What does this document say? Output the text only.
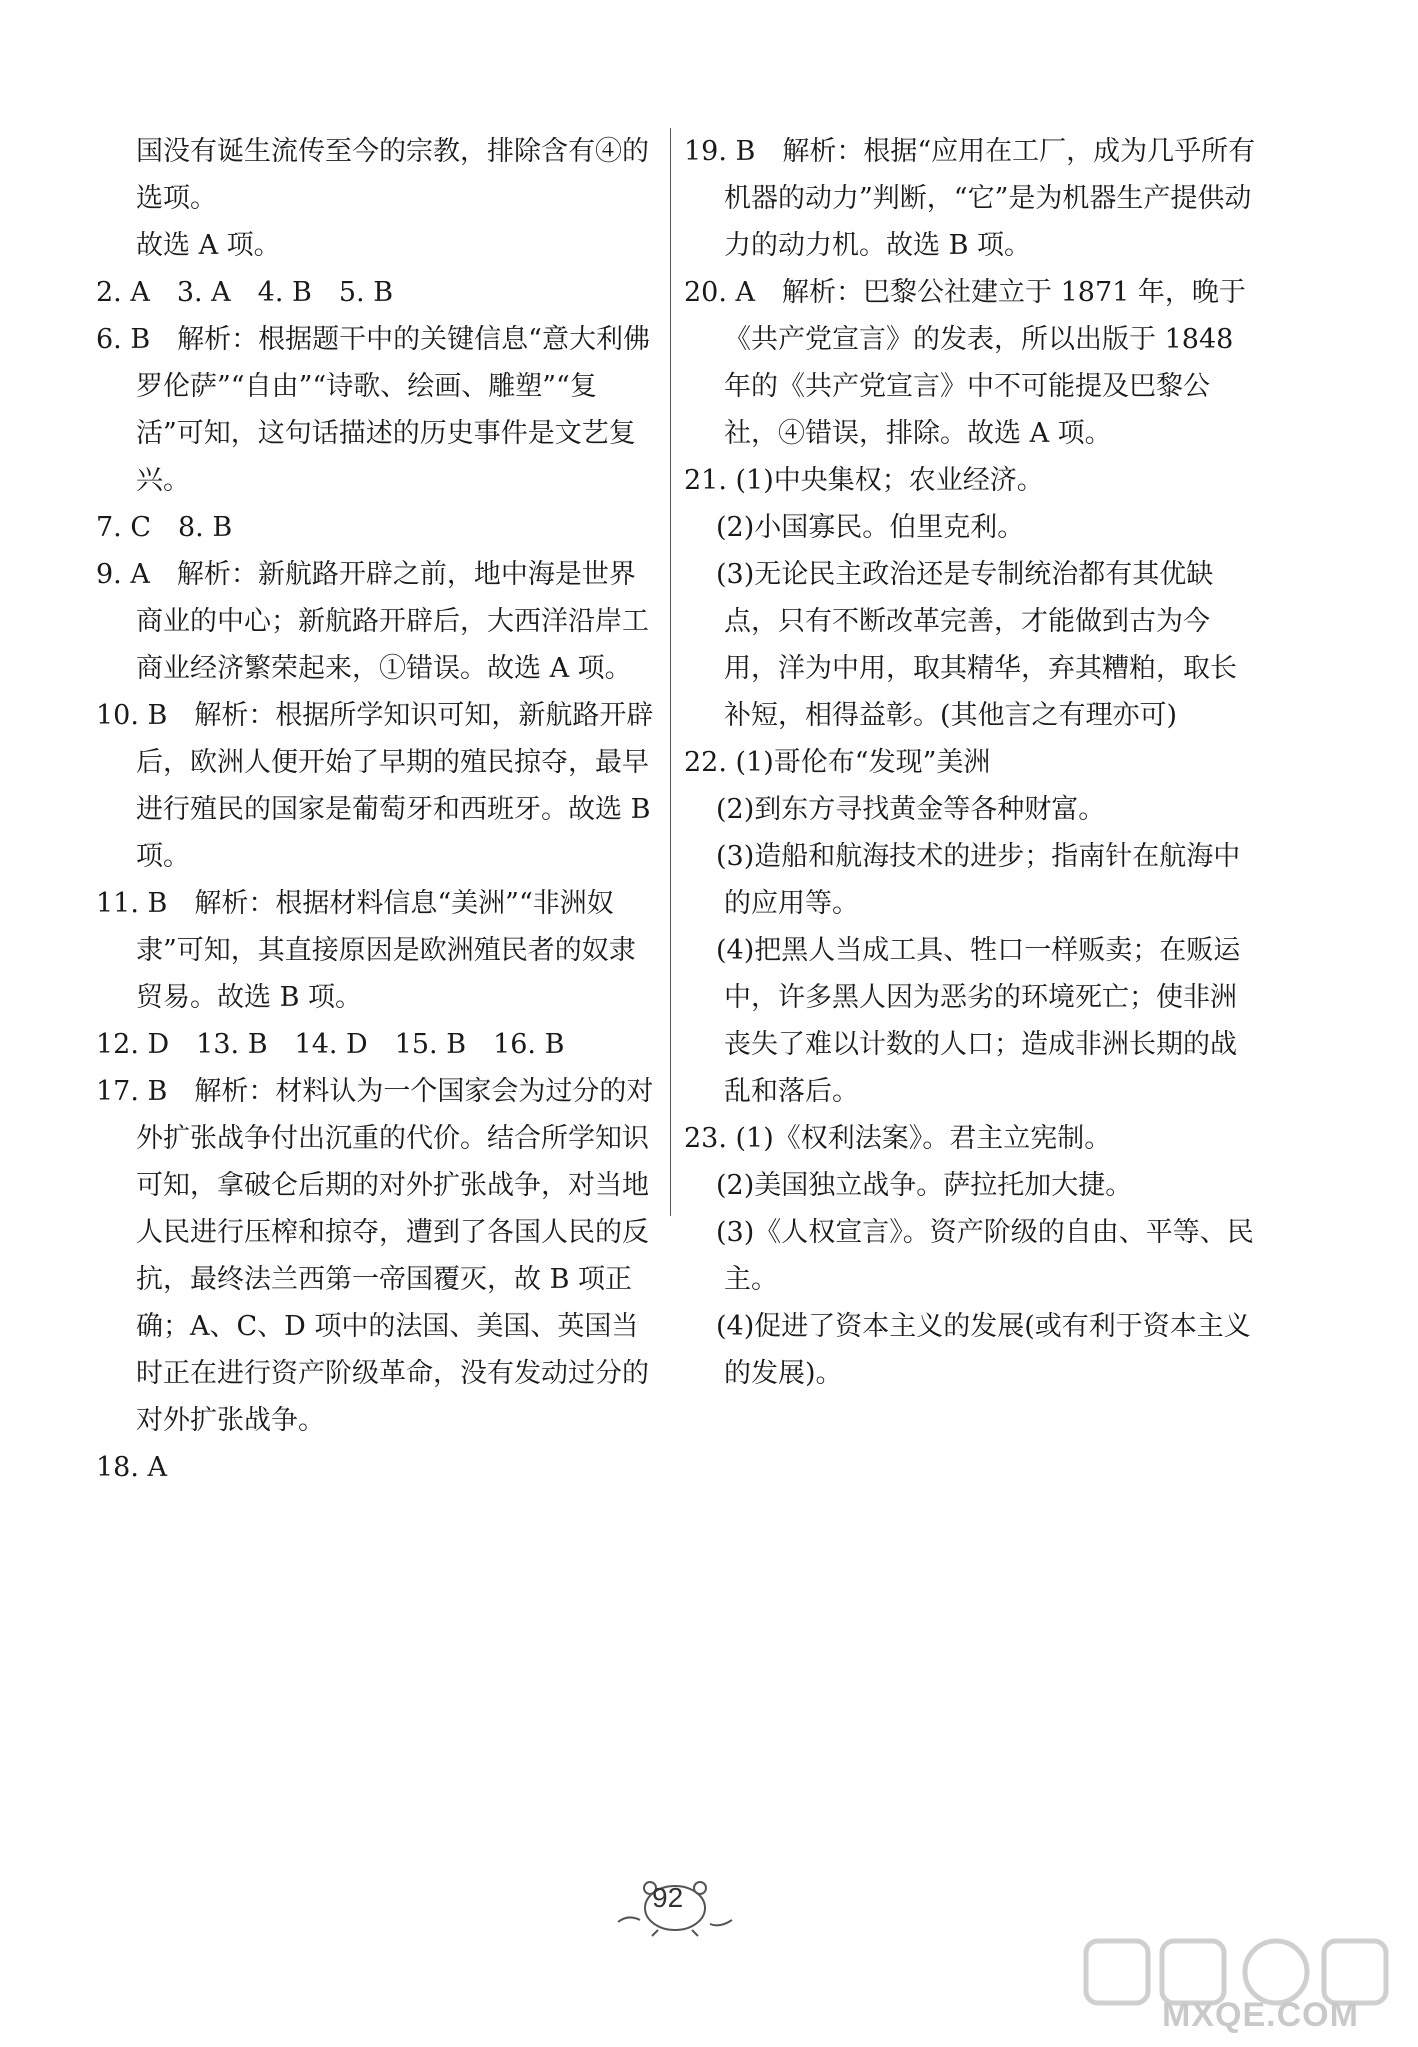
国没有诞生流传至今的宗教，排除含有④的选项。
故选 A 项。
2. A　3. A　4. B　5. B
6. B　解析：根据题干中的关键信息“意大利佛罗伦萨”“自由”“诗歌、绘画、雕塑”“复活”可知，这句话描述的历史事件是文艺复兴。
7. C　8. B
9. A　解析：新航路开辟之前，地中海是世界商业的中心；新航路开辟后，大西洋沿岸工商业经济繁荣起来，①错误。故选 A 项。
10. B　解析：根据所学知识可知，新航路开辟后，欧洲人便开始了早期的殖民掠夺，最早进行殖民的国家是葡萄牙和西班牙。故选 B 项。
11. B　解析：根据材料信息“美洲”“非洲奴隶”可知，其直接原因是欧洲殖民者的奴隶贸易。故选 B 项。
12. D　13. B　14. D　15. B　16. B
17. B　解析：材料认为一个国家会为过分的对外扩张战争付出沉重的代价。结合所学知识可知，拿破仑后期的对外扩张战争，对当地人民进行压榨和掠夺，遭到了各国人民的反抗，最终法兰西第一帝国覆灭，故 B 项正确；A、C、D 项中的法国、美国、英国当时正在进行资产阶级革命，没有发动过分的对外扩张战争。
18. A
19. B　解析：根据“应用在工厂，成为几乎所有机器的动力”判断，“它”是为机器生产提供动力的动力机。故选 B 项。
20. A　解析：巴黎公社建立于 1871 年，晚于《共产党宣言》的发表，所以出版于 1848 年的《共产党宣言》中不可能提及巴黎公社，④错误，排除。故选 A 项。
21. (1)中央集权；农业经济。
(2)小国寡民。伯里克利。
(3)无论民主政治还是专制统治都有其优缺点，只有不断改革完善，才能做到古为今用，洋为中用，取其精华，弃其糟粕，取长补短，相得益彰。(其他言之有理亦可)
22. (1)哥伦布“发现”美洲
(2)到东方寻找黄金等各种财富。
(3)造船和航海技术的进步；指南针在航海中的应用等。
(4)把黑人当成工具、牲口一样贩卖；在贩运中，许多黑人因为恶劣的环境死亡；使非洲丧失了难以计数的人口；造成非洲长期的战乱和落后。
23. (1)《权利法案》。君主立宪制。
(2)美国独立战争。萨拉托加大捷。
(3)《人权宣言》。资产阶级的自由、平等、民主。
(4)促进了资本主义的发展(或有利于资本主义的发展)。
92
MXQE.COM
